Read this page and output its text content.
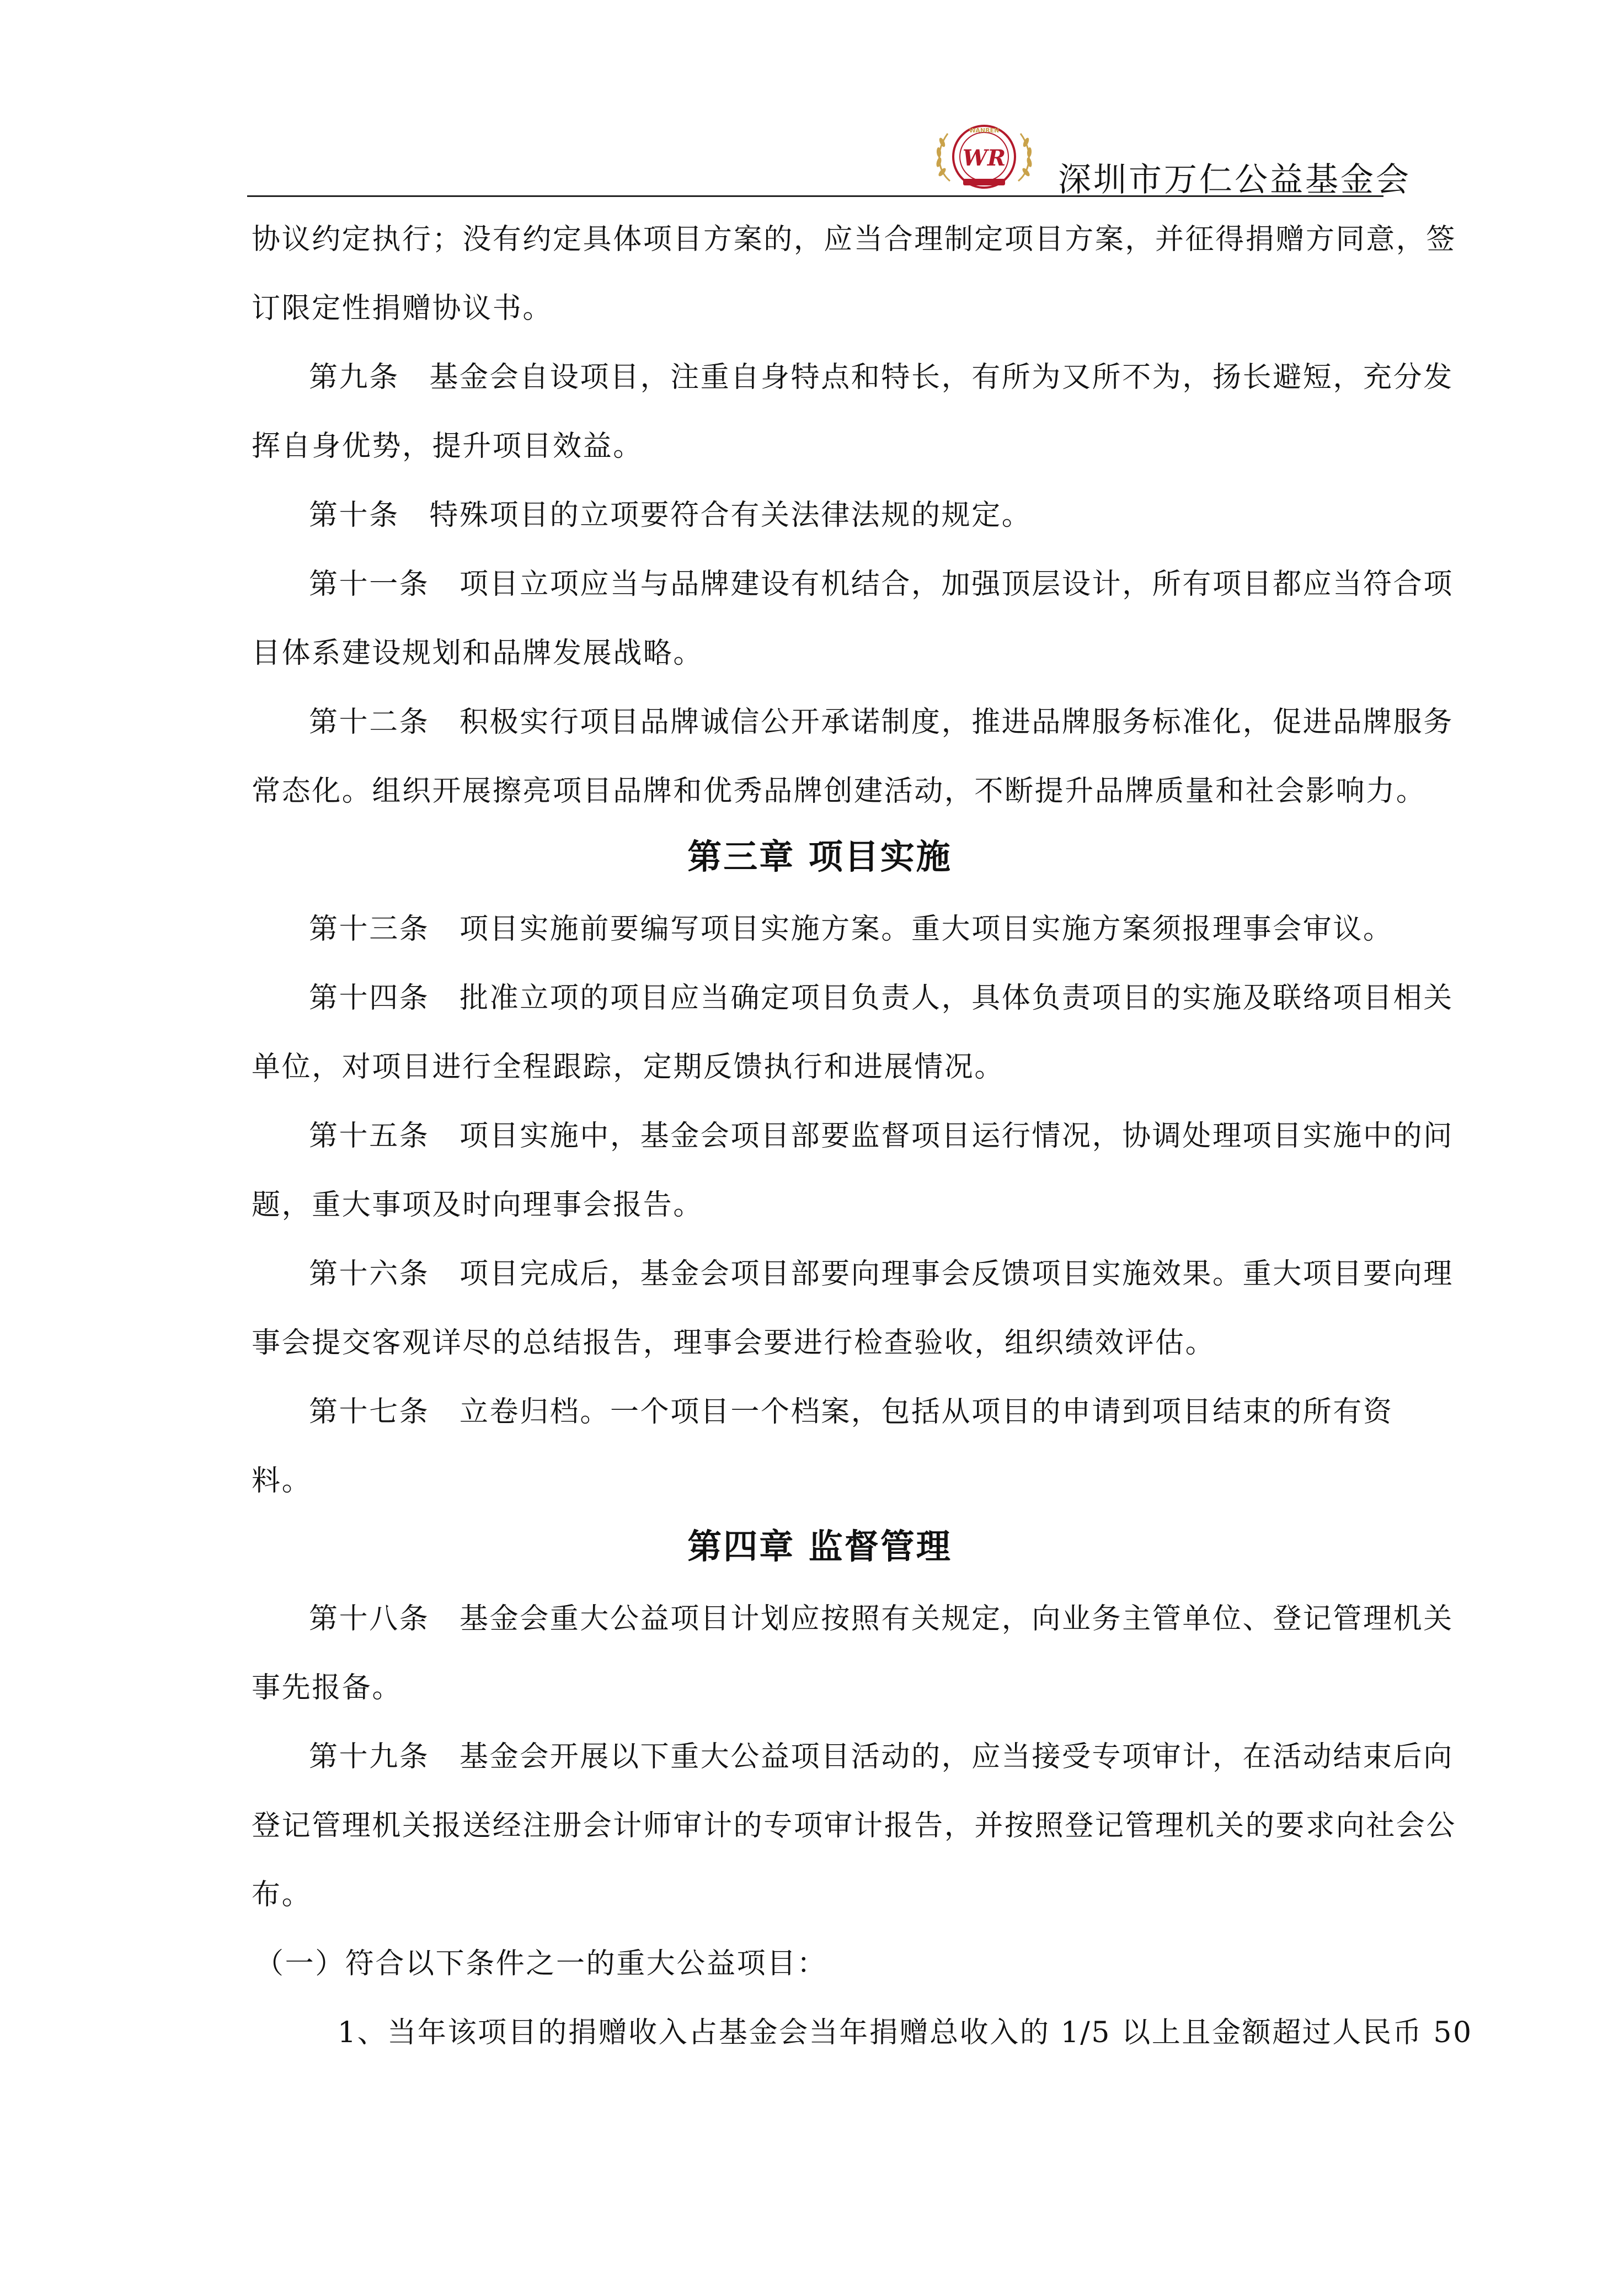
WANREN
WR
深圳市万仁公益基金会
协议约定执行；没有约定具体项目方案的，应当合理制定项目方案，并征得捐赠方同意，签
订限定性捐赠协议书。
第九条　基金会自设项目，注重自身特点和特长，有所为又所不为，扬长避短，充分发
挥自身优势，提升项目效益。
第十条　特殊项目的立项要符合有关法律法规的规定。
第十一条　项目立项应当与品牌建设有机结合，加强顶层设计，所有项目都应当符合项
目体系建设规划和品牌发展战略。
第十二条　积极实行项目品牌诚信公开承诺制度，推进品牌服务标准化，促进品牌服务
常态化。组织开展擦亮项目品牌和优秀品牌创建活动，不断提升品牌质量和社会影响力。
第三章 项目实施
第十三条　项目实施前要编写项目实施方案。重大项目实施方案须报理事会审议。
第十四条　批准立项的项目应当确定项目负责人，具体负责项目的实施及联络项目相关
单位，对项目进行全程跟踪，定期反馈执行和进展情况。
第十五条　项目实施中，基金会项目部要监督项目运行情况，协调处理项目实施中的问
题，重大事项及时向理事会报告。
第十六条　项目完成后，基金会项目部要向理事会反馈项目实施效果。重大项目要向理
事会提交客观详尽的总结报告，理事会要进行检查验收，组织绩效评估。
第十七条　立卷归档。一个项目一个档案，包括从项目的申请到项目结束的所有资
料。
第四章 监督管理
第十八条　基金会重大公益项目计划应按照有关规定，向业务主管单位、登记管理机关
事先报备。
第十九条　基金会开展以下重大公益项目活动的，应当接受专项审计，在活动结束后向
登记管理机关报送经注册会计师审计的专项审计报告，并按照登记管理机关的要求向社会公
布。
（一）符合以下条件之一的重大公益项目：
1、当年该项目的捐赠收入占基金会当年捐赠总收入的 1/5 以上且金额超过人民币 50
